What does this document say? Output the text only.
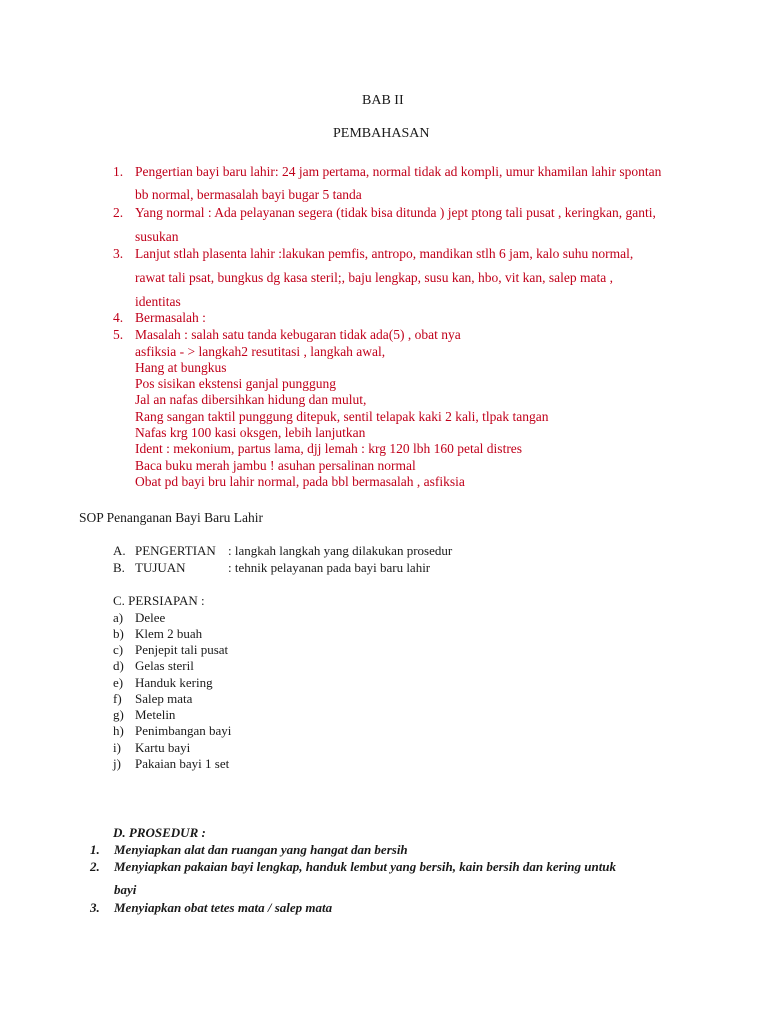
BAB II
PEMBAHASAN
1. Pengertian bayi baru lahir: 24 jam pertama, normal tidak ad kompli, umur khamilan lahir spontan
bb normal, bermasalah bayi bugar 5 tanda
2. Yang normal : Ada pelayanan segera (tidak bisa ditunda ) jept ptong tali pusat , keringkan, ganti,
susukan
3. Lanjut stlah plasenta lahir :lakukan pemfis, antropo, mandikan stlh 6 jam, kalo suhu normal,
rawat tali psat, bungkus dg kasa steril;, baju lengkap, susu kan, hbo, vit kan, salep mata ,
identitas
4. Bermasalah :
5. Masalah : salah satu tanda kebugaran tidak ada(5) , obat nya
asfiksia - > langkah2 resutitasi , langkah awal,
Hang at bungkus
Pos sisikan ekstensi ganjal punggung
Jal an nafas dibersihkan hidung dan mulut,
Rang sangan taktil punggung ditepuk, sentil telapak kaki 2 kali, tlpak tangan
Nafas krg 100 kasi oksgen, lebih lanjutkan
Ident : mekonium, partus lama, djj lemah : krg 120 lbh 160 petal distres
Baca buku merah jambu ! asuhan persalinan normal
Obat pd bayi bru lahir normal, pada bbl bermasalah , asfiksia
SOP Penanganan Bayi Baru Lahir
A. PENGERTIAN : langkah langkah yang dilakukan prosedur
B. TUJUAN	: tehnik pelayanan pada bayi baru lahir
C. PERSIAPAN :
a) Delee
b) Klem 2 buah
c) Penjepit tali pusat
d) Gelas steril
e) Handuk kering
f) Salep mata
g) Metelin
h) Penimbangan bayi
i) Kartu bayi
j) Pakaian bayi 1 set
D. PROSEDUR :
1. Menyiapkan alat dan ruangan yang hangat dan bersih
2. Menyiapkan pakaian bayi lengkap, handuk lembut yang bersih, kain bersih dan kering untuk
bayi
3. Menyiapkan obat tetes mata / salep mata
